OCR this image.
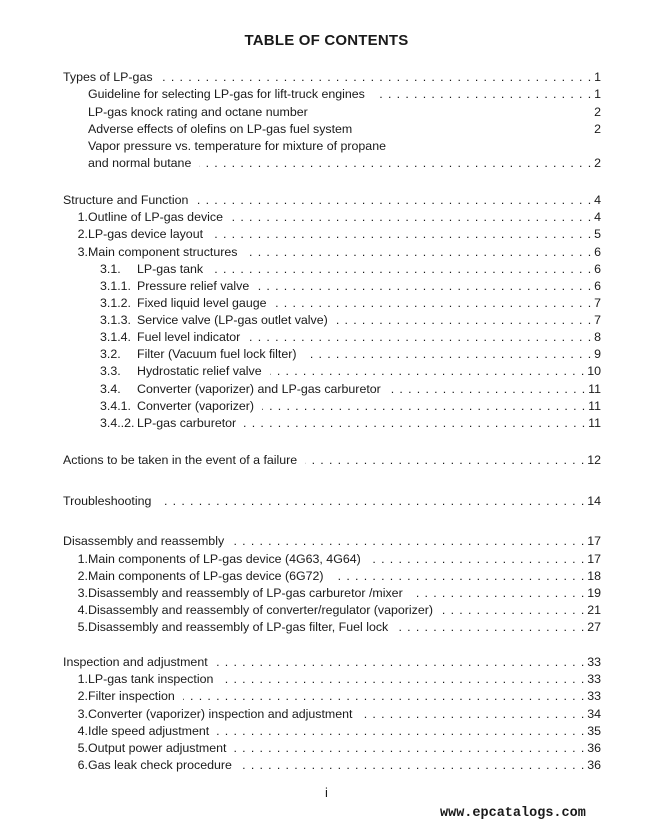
TABLE OF CONTENTS
Types of LP-gas . . .	1
Guideline for selecting LP-gas for lift-truck engines . . .	1
LP-gas knock rating and octane number	2
Adverse effects of olefins on LP-gas fuel system	2
Vapor pressure vs. temperature for mixture of propane
and normal butane . . .	2
Structure and Function . . .	4
1. Outline of LP-gas device . . .	4
2. LP-gas device layout . . .	5
3. Main component structures . . .	6
3.1.	LP-gas tank . . .	6
3.1.1. Pressure relief valve . . .	6
3.1.2. Fixed liquid level gauge . . .	7
3.1.3. Service valve (LP-gas outlet valve) . . .	7
3.1.4. Fuel level indicator . . .	8
3.2.	Filter (Vacuum fuel lock filter) . . .	9
3.3.	Hydrostatic relief valve . . .	10
3.4.	Converter (vaporizer) and LP-gas carburetor . . .	11
3.4.1. Converter (vaporizer) . . .	11
3.4..2. LP-gas carburetor . . .	11
Actions to be taken in the event of a failure . . .	12
Troubleshooting . . .	14
Disassembly and reassembly . . .	17
1. Main components of LP-gas device (4G63, 4G64) . . .	17
2. Main components of LP-gas device (6G72) . . .	18
3. Disassembly and reassembly of LP-gas carburetor /mixer . . .	19
4. Disassembly and reassembly of converter/regulator (vaporizer) . . .	21
5. Disassembly and reassembly of LP-gas filter, Fuel lock . . .	27
Inspection and adjustment . . .	33
1. LP-gas tank inspection . . .	33
2. Filter inspection . . .	33
3. Converter (vaporizer) inspection and adjustment . . .	34
4. Idle speed adjustment . . .	35
5. Output power adjustment . . .	36
6. Gas leak check procedure . . .	36
i
www.epcatalogs.com
